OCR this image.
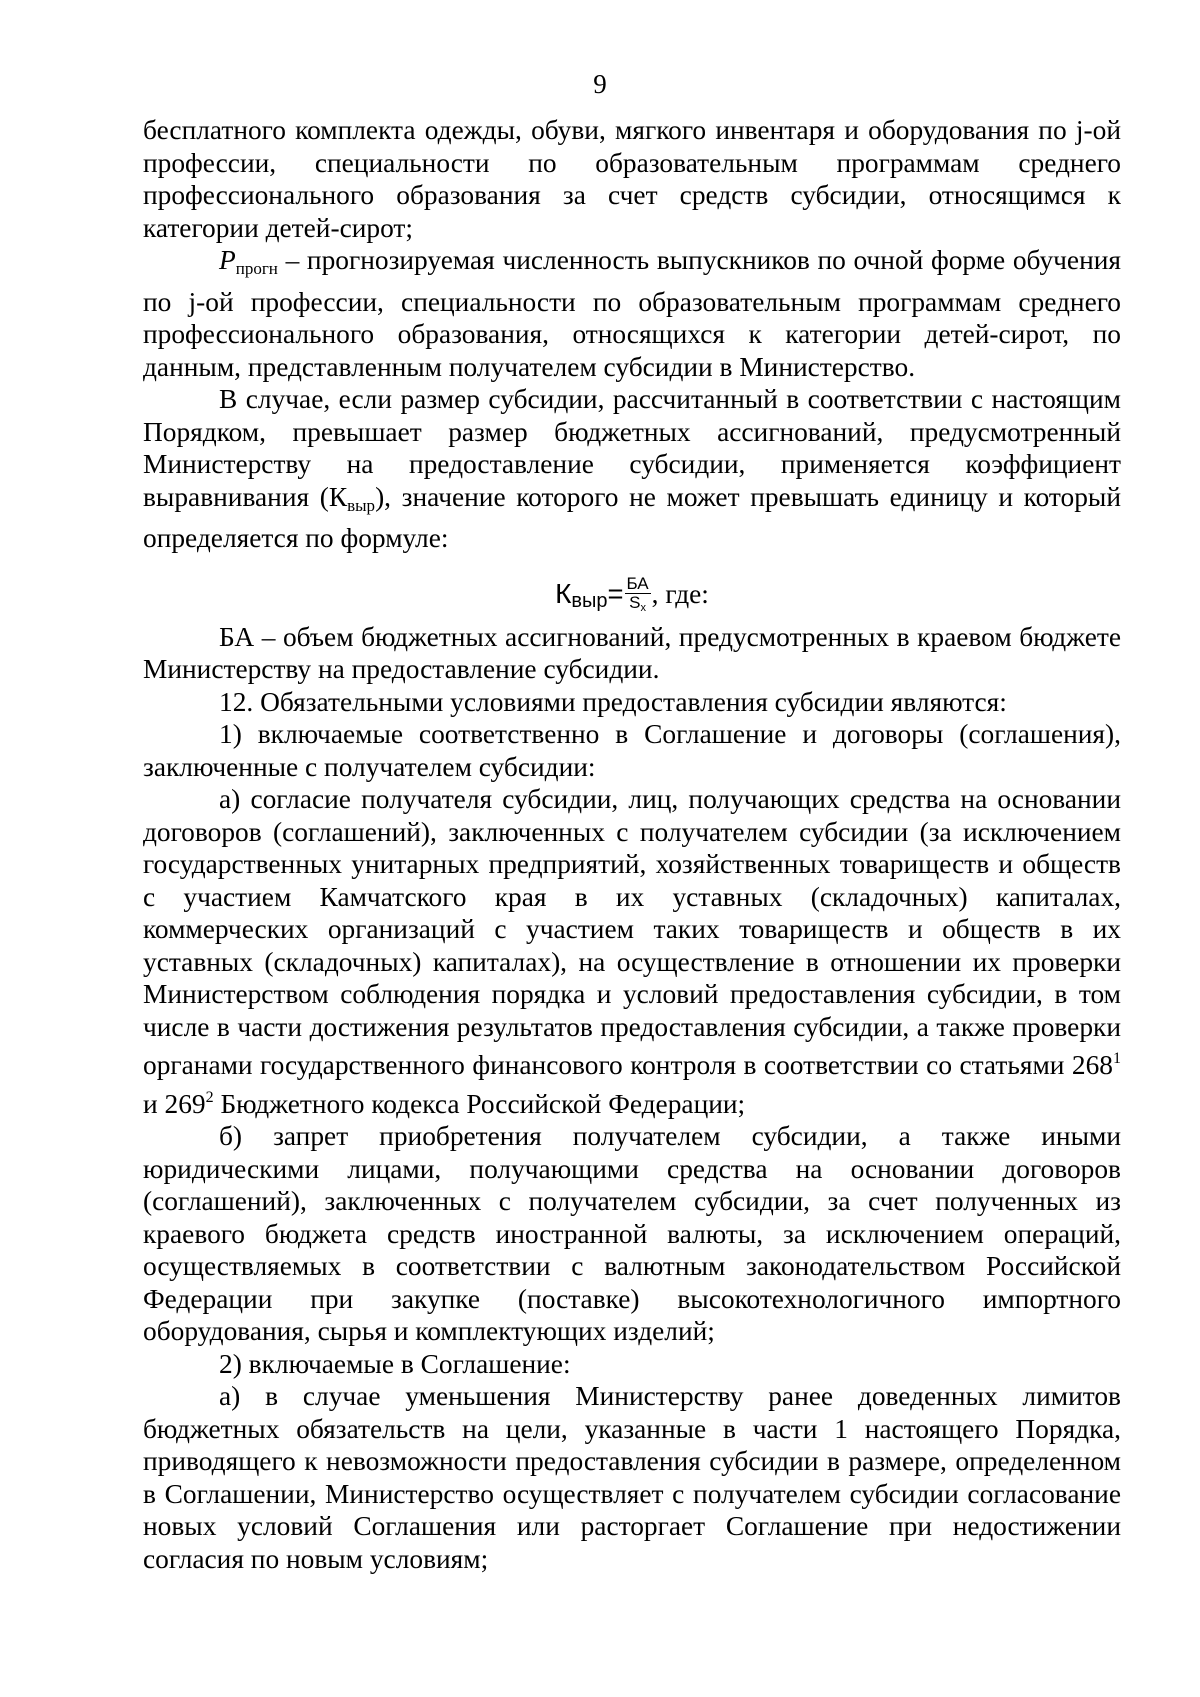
9

бесплатного комплекта одежды, обуви, мягкого инвентаря и оборудования по j-ой профессии, специальности по образовательным программам среднего профессионального образования за счет средств субсидии, относящимся к категории детей-сирот;

$P_{прогн}$ – прогнозируемая численность выпускников по очной форме обучения по j-ой профессии, специальности по образовательным программам среднего профессионального образования, относящихся к категории детей-сирот, по данным, представленным получателем субсидии в Министерство.

В случае, если размер субсидии, рассчитанный в соответствии с настоящим Порядком, превышает размер бюджетных ассигнований, предусмотренный Министерству на предоставление субсидии, применяется коэффициент выравнивания $(К_{выр})$, значение которого не может превышать единицу и который определяется по формуле:

Квыр= $\frac{БА}{Sx}$ , где:

БА – объем бюджетных ассигнований, предусмотренных в краевом бюджете Министерству на предоставление субсидии.

12. Обязательными условиями предоставления субсидии являются:

1) включаемые соответственно в Соглашение и договоры (соглашения), заключенные с получателем субсидии:

а) согласие получателя субсидии, лиц, получающих средства на основании договоров (соглашений), заключенных с получателем субсидии (за исключением государственных унитарных предприятий, хозяйственных товариществ и обществ с участием Камчатского края в их уставных (складочных) капиталах, коммерческих организаций с участием таких товариществ и обществ в их уставных (складочных) капиталах), на осуществление в отношении их проверки Министерством соблюдения порядка и условий предоставления субсидии, в том числе в части достижения результатов предоставления субсидии, а также проверки органами государственного финансового контроля в соответствии со статьями $268^1$ и $269^2$ Бюджетного кодекса Российской Федерации;

б) запрет приобретения получателем субсидии, а также иными юридическими лицами, получающими средства на основании договоров (соглашений), заключенных с получателем субсидии, за счет полученных из краевого бюджета средств иностранной валюты, за исключением операций, осуществляемых в соответствии с валютным законодательством Российской Федерации при закупке (поставке) высокотехнологичного импортного оборудования, сырья и комплектующих изделий;

2) включаемые в Соглашение:

а) в случае уменьшения Министерству ранее доведенных лимитов бюджетных обязательств на цели, указанные в части 1 настоящего Порядка, приводящего к невозможности предоставления субсидии в размере, определенном в Соглашении, Министерство осуществляет с получателем субсидии согласование новых условий Соглашения или расторгает Соглашение при недостижении согласия по новым условиям;
